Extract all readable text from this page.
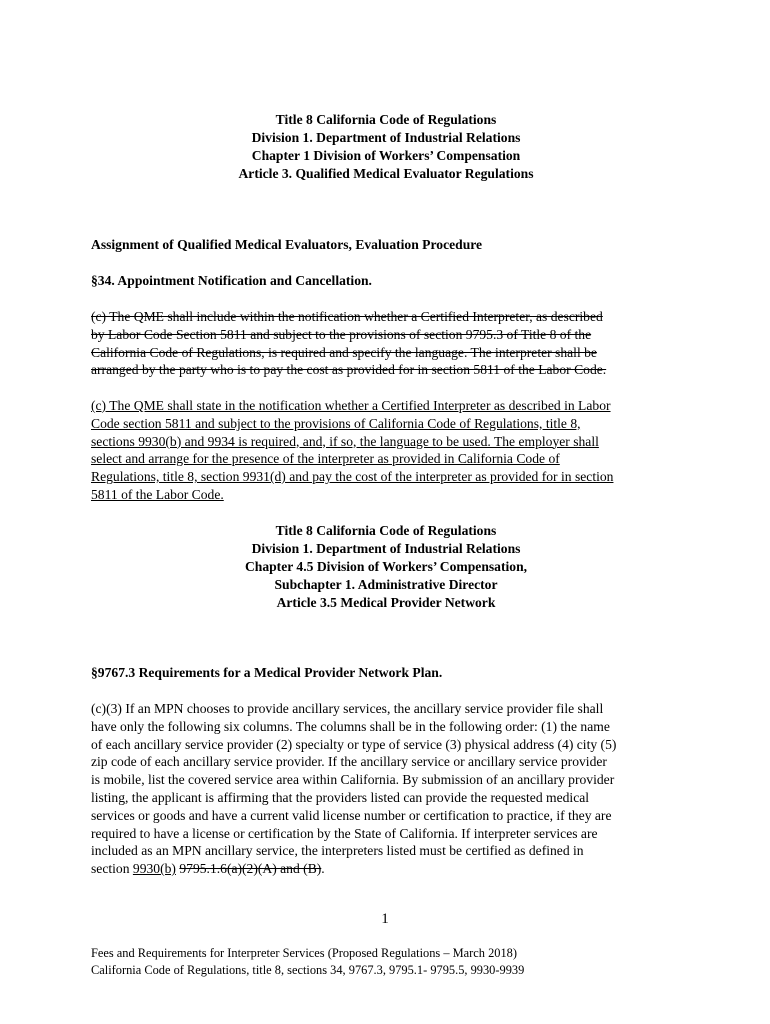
Title 8 California Code of Regulations
Division 1. Department of Industrial Relations
Chapter 1 Division of Workers’ Compensation
Article 3. Qualified Medical Evaluator Regulations
Assignment of Qualified Medical Evaluators, Evaluation Procedure
§34. Appointment Notification and Cancellation.
(c) The QME shall include within the notification whether a Certified Interpreter, as described
by Labor Code Section 5811 and subject to the provisions of section 9795.3 of Title 8 of the
California Code of Regulations, is required and specify the language. The interpreter shall be
arranged by the party who is to pay the cost as provided for in section 5811 of the Labor Code.
(c) The QME shall state in the notification whether a Certified Interpreter as described in Labor
Code section 5811 and subject to the provisions of California Code of Regulations, title 8,
sections 9930(b) and 9934 is required, and, if so, the language to be used. The employer shall
select and arrange for the presence of the interpreter as provided in California Code of
Regulations, title 8, section 9931(d) and pay the cost of the interpreter as provided for in section
5811 of the Labor Code.
Title 8 California Code of Regulations
Division 1. Department of Industrial Relations
Chapter 4.5 Division of Workers’ Compensation,
Subchapter 1. Administrative Director
Article 3.5 Medical Provider Network
§9767.3 Requirements for a Medical Provider Network Plan.
(c)(3) If an MPN chooses to provide ancillary services, the ancillary service provider file shall
have only the following six columns. The columns shall be in the following order: (1) the name
of each ancillary service provider (2) specialty or type of service (3) physical address (4) city (5)
zip code of each ancillary service provider. If the ancillary service or ancillary service provider
is mobile, list the covered service area within California. By submission of an ancillary provider
listing, the applicant is affirming that the providers listed can provide the requested medical
services or goods and have a current valid license number or certification to practice, if they are
required to have a license or certification by the State of California. If interpreter services are
included as an MPN ancillary service, the interpreters listed must be certified as defined in
section 9930(b) 9795.1.6(a)(2)(A) and (B).
1
Fees and Requirements for Interpreter Services (Proposed Regulations – March 2018)
California Code of Regulations, title 8, sections 34, 9767.3, 9795.1- 9795.5, 9930-9939
